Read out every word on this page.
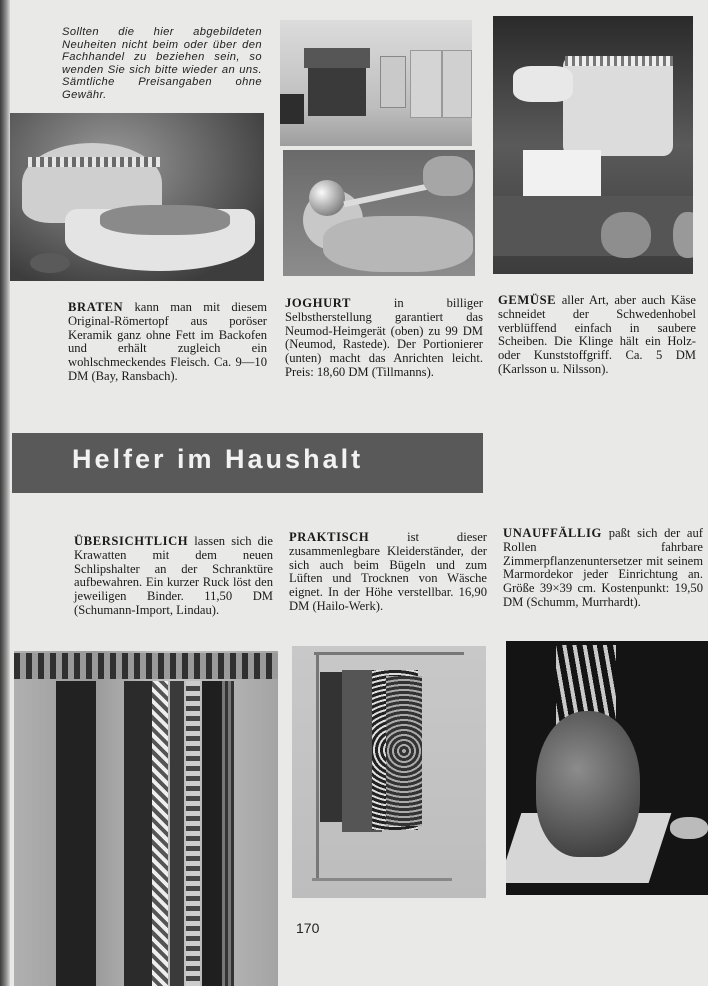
Sollten die hier abgebildeten Neuheiten nicht beim oder über den Fachhandel zu beziehen sein, so wenden Sie sich bitte wieder an uns. Sämtliche Preisangaben ohne Gewähr.

BRATEN kann man mit diesem Original-Römertopf aus poröser Keramik ganz ohne Fett im Backofen und erhält zugleich ein wohlschmeckendes Fleisch. Ca. 9—10 DM (Bay, Ransbach).

JOGHURT in billiger Selbstherstellung garantiert das Neumod-Heimgerät (oben) zu 99 DM (Neumod, Rastede). Der Portionierer (unten) macht das Anrichten leicht. Preis: 18,60 DM (Tillmanns).

GEMÜSE aller Art, aber auch Käse schneidet der Schwedenhobel verblüffend einfach in saubere Scheiben. Die Klinge hält ein Holz- oder Kunststoffgriff. Ca. 5 DM (Karlsson u. Nilsson).

Helfer im Haushalt

ÜBERSICHTLICH lassen sich die Krawatten mit dem neuen Schlipshalter an der Schranktüre aufbewahren. Ein kurzer Ruck löst den jeweiligen Binder. 11,50 DM (Schumann-Import, Lindau).

PRAKTISCH ist dieser zusammenlegbare Kleiderständer, der sich auch beim Bügeln und zum Lüften und Trocknen von Wäsche eignet. In der Höhe verstellbar. 16,90 DM (Hailo-Werk).

UNAUFFÄLLIG paßt sich der auf Rollen fahrbare Zimmerpflanzenuntersetzer mit seinem Marmordekor jeder Einrichtung an. Größe 39×39 cm. Kostenpunkt: 19,50 DM (Schumm, Murrhardt).

170
